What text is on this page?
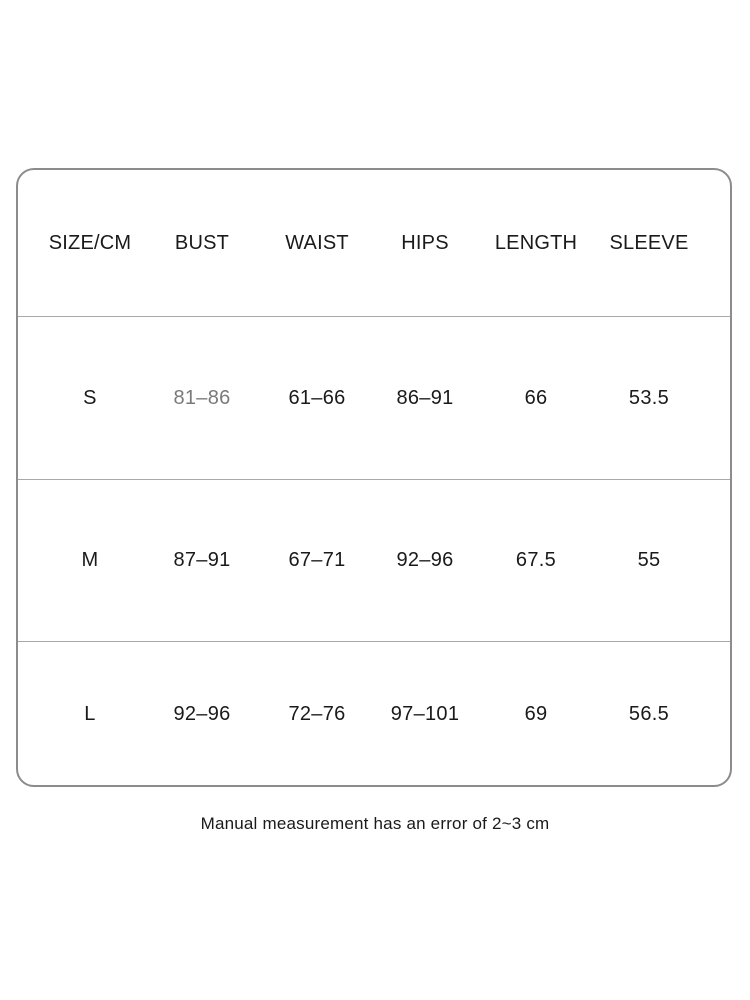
SIZE/CM	BUST	WAIST	HIPS	LENGTH	SLEEVE
S	81–86	61–66	86–91	66	53.5
M	87–91	67–71	92–96	67.5	55
L	92–96	72–76	97–101	69	56.5
Manual measurement has an error of 2~3 cm
